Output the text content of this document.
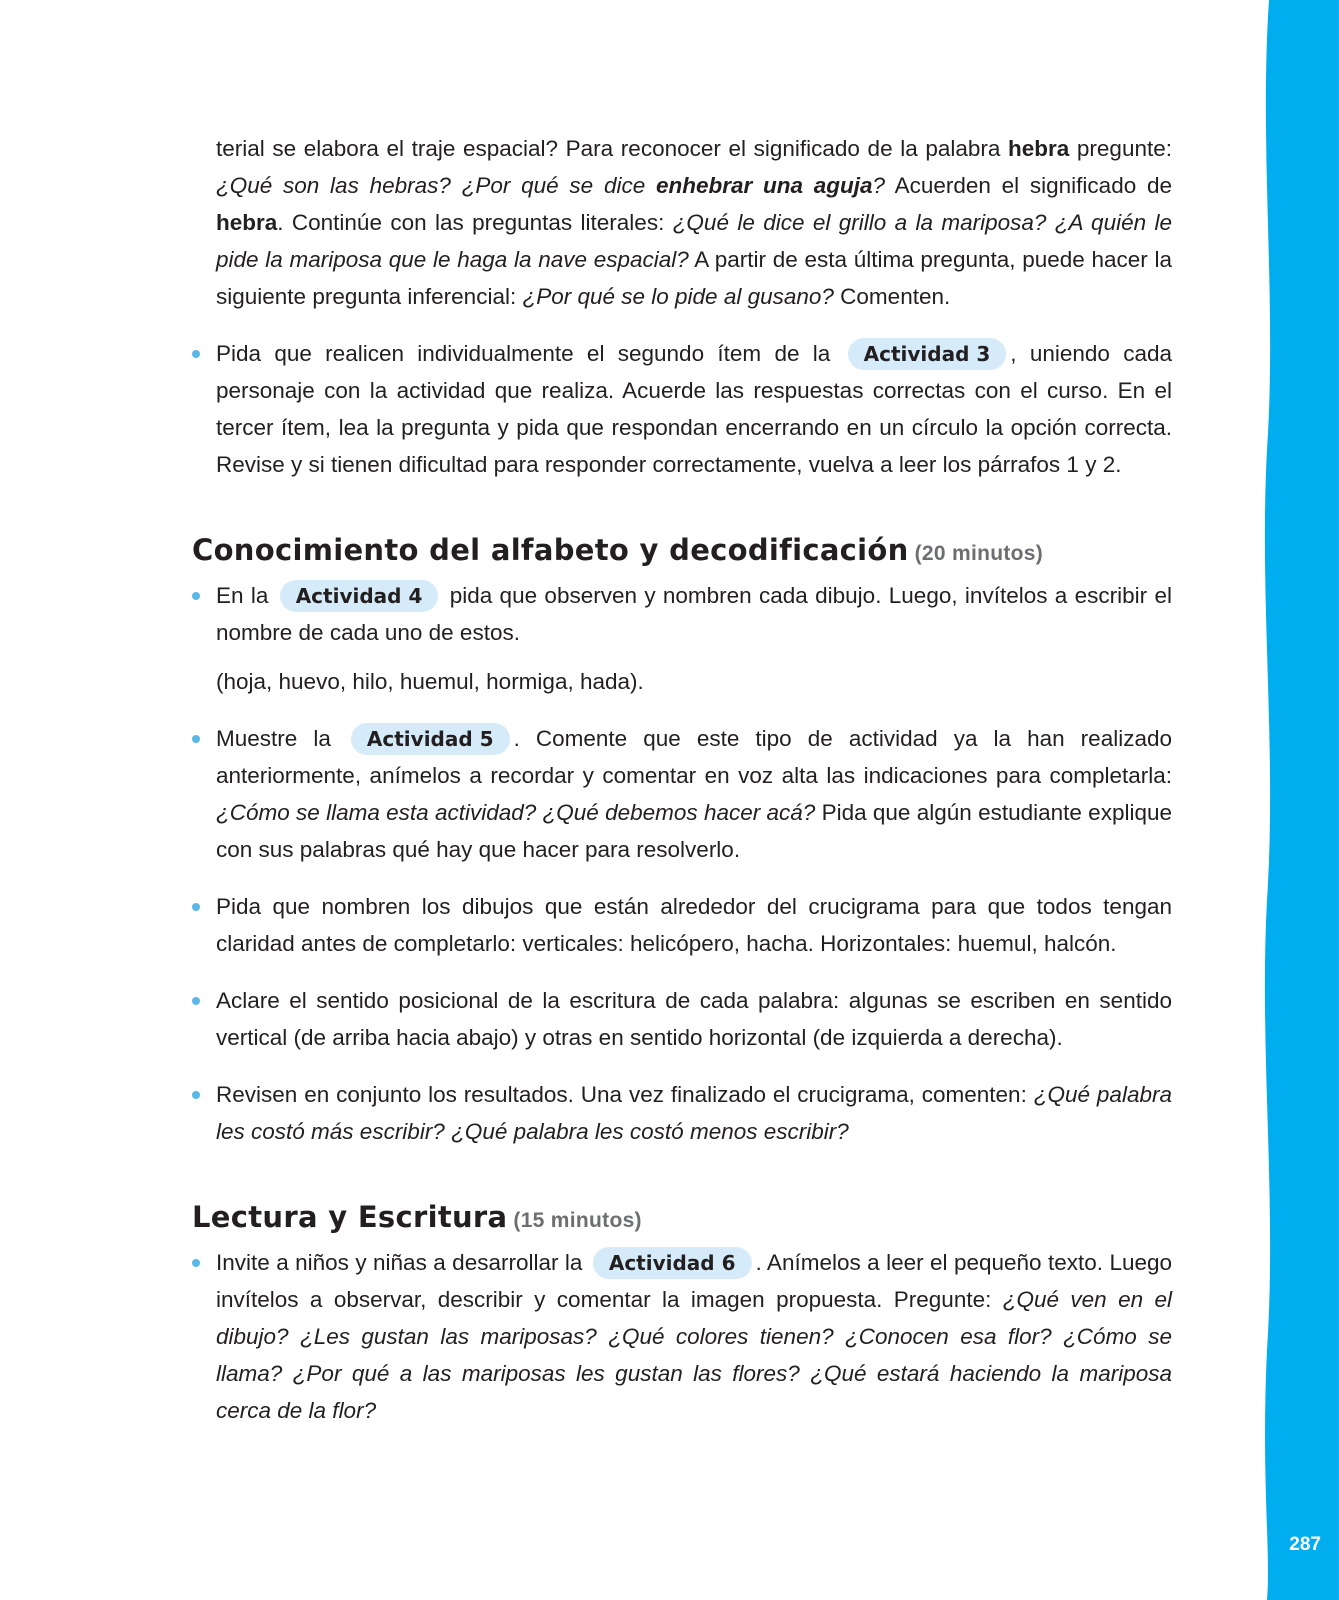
287

terial se elabora el traje espacial? Para reconocer el significado de la palabra hebra pregunte: ¿Qué son las hebras? ¿Por qué se dice enhebrar una aguja? Acuerden el significado de hebra. Continúe con las preguntas literales: ¿Qué le dice el grillo a la mariposa? ¿A quién le pide la mariposa que le haga la nave espacial? A partir de esta última pregunta, puede hacer la siguiente pregunta inferencial: ¿Por qué se lo pide al gusano? Comenten.

Pida que realicen individualmente el segundo ítem de la Actividad 3 , uniendo cada personaje con la actividad que realiza. Acuerde las respuestas correctas con el curso. En el tercer ítem, lea la pregunta y pida que respondan encerrando en un círculo la opción correcta. Revise y si tienen dificultad para responder correctamente, vuelva a leer los párrafos 1 y 2.

Conocimiento del alfabeto y decodificación (20 minutos)

En la Actividad 4 pida que observen y nombren cada dibujo. Luego, invítelos a escribir el nombre de cada uno de estos.

(hoja, huevo, hilo, huemul, hormiga, hada).

Muestre la Actividad 5 . Comente que este tipo de actividad ya la han realizado anteriormente, anímelos a recordar y comentar en voz alta las indicaciones para completarla: ¿Cómo se llama esta actividad? ¿Qué debemos hacer acá? Pida que algún estudiante explique con sus palabras qué hay que hacer para resolverlo.

Pida que nombren los dibujos que están alrededor del crucigrama para que todos tengan claridad antes de completarlo: verticales: helicópero, hacha. Horizontales: huemul, halcón.

Aclare el sentido posicional de la escritura de cada palabra: algunas se escriben en sentido vertical (de arriba hacia abajo) y otras en sentido horizontal (de izquierda a derecha).

Revisen en conjunto los resultados. Una vez finalizado el crucigrama, comenten: ¿Qué palabra les costó más escribir? ¿Qué palabra les costó menos escribir?

Lectura y Escritura (15 minutos)

Invite a niños y niñas a desarrollar la Actividad 6 . Anímelos a leer el pequeño texto. Luego invítelos a observar, describir y comentar la imagen propuesta. Pregunte: ¿Qué ven en el dibujo? ¿Les gustan las mariposas? ¿Qué colores tienen? ¿Conocen esa flor? ¿Cómo se llama? ¿Por qué a las mariposas les gustan las flores? ¿Qué estará haciendo la mariposa cerca de la flor?
